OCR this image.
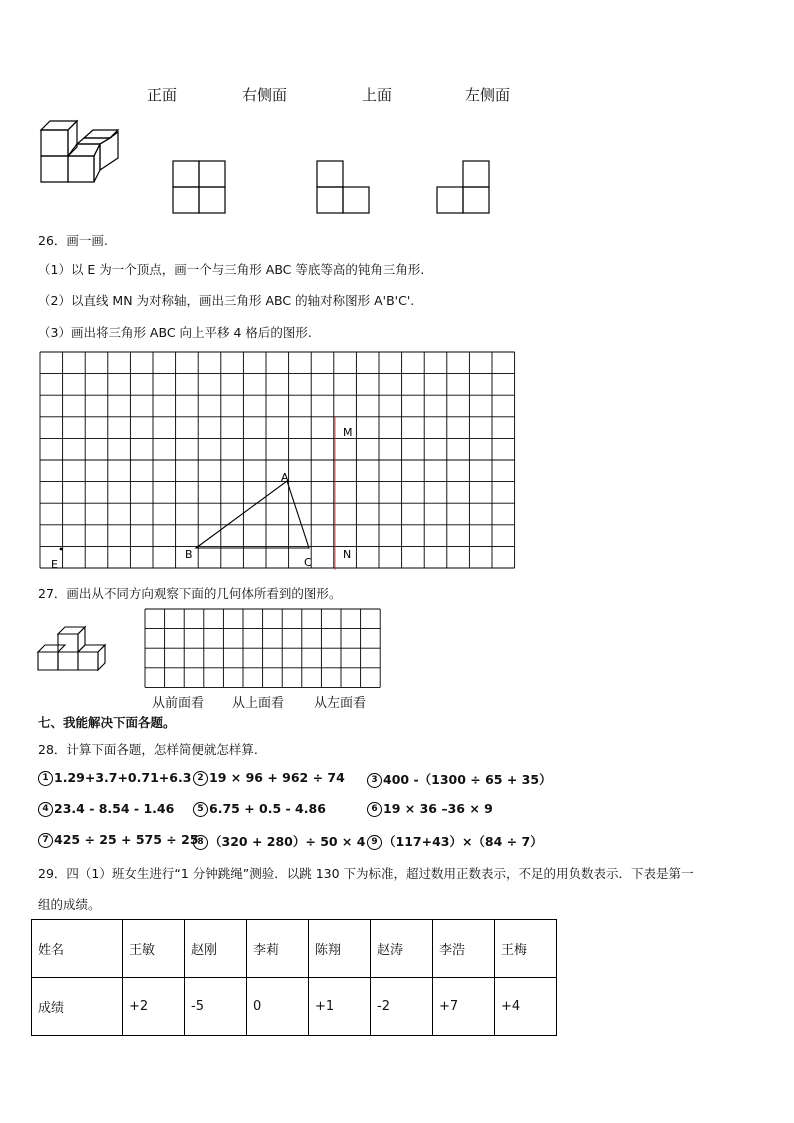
正面	右侧面	上面	左侧面
26．画一画.
（1）以 E 为一个顶点，画一个与三角形 ABC 等底等高的钝角三角形.
（2）以直线 MN 为对称轴，画出三角形 ABC 的轴对称图形 A'B'C'.
（3）画出将三角形 ABC 向上平移 4 格后的图形.
A
B
C
M
N
E
27．画出从不同方向观察下面的几何体所看到的图形。
从前面看 从上面看 从左面看
七、我能解决下面各题。
28．计算下面各题，怎样简便就怎样算.
1 1.29+3.7+0.71+6.3 2 19 × 96 + 962 ÷ 74	3 400 -（1300 ÷ 65 + 35）
4 23.4 - 8.54 - 1.46	5 6.75 + 0.5 - 4.86	6 19 × 36 –36 × 9
7 425 ÷ 25 + 575 ÷ 25
8 （320 + 280）÷ 50 × 4 9 （117+43）×（84 ÷ 7）
29．四（1）班女生进行“1 分钟跳绳”测验．以跳 130 下为标准，超过数用正数表示，不足的用负数表示．下表是第一
组的成绩。
姓名	王敏	赵刚	李莉	陈翔	赵涛	李浩	王梅
成绩	+2	-5	0	+1	-2	+7	+4
